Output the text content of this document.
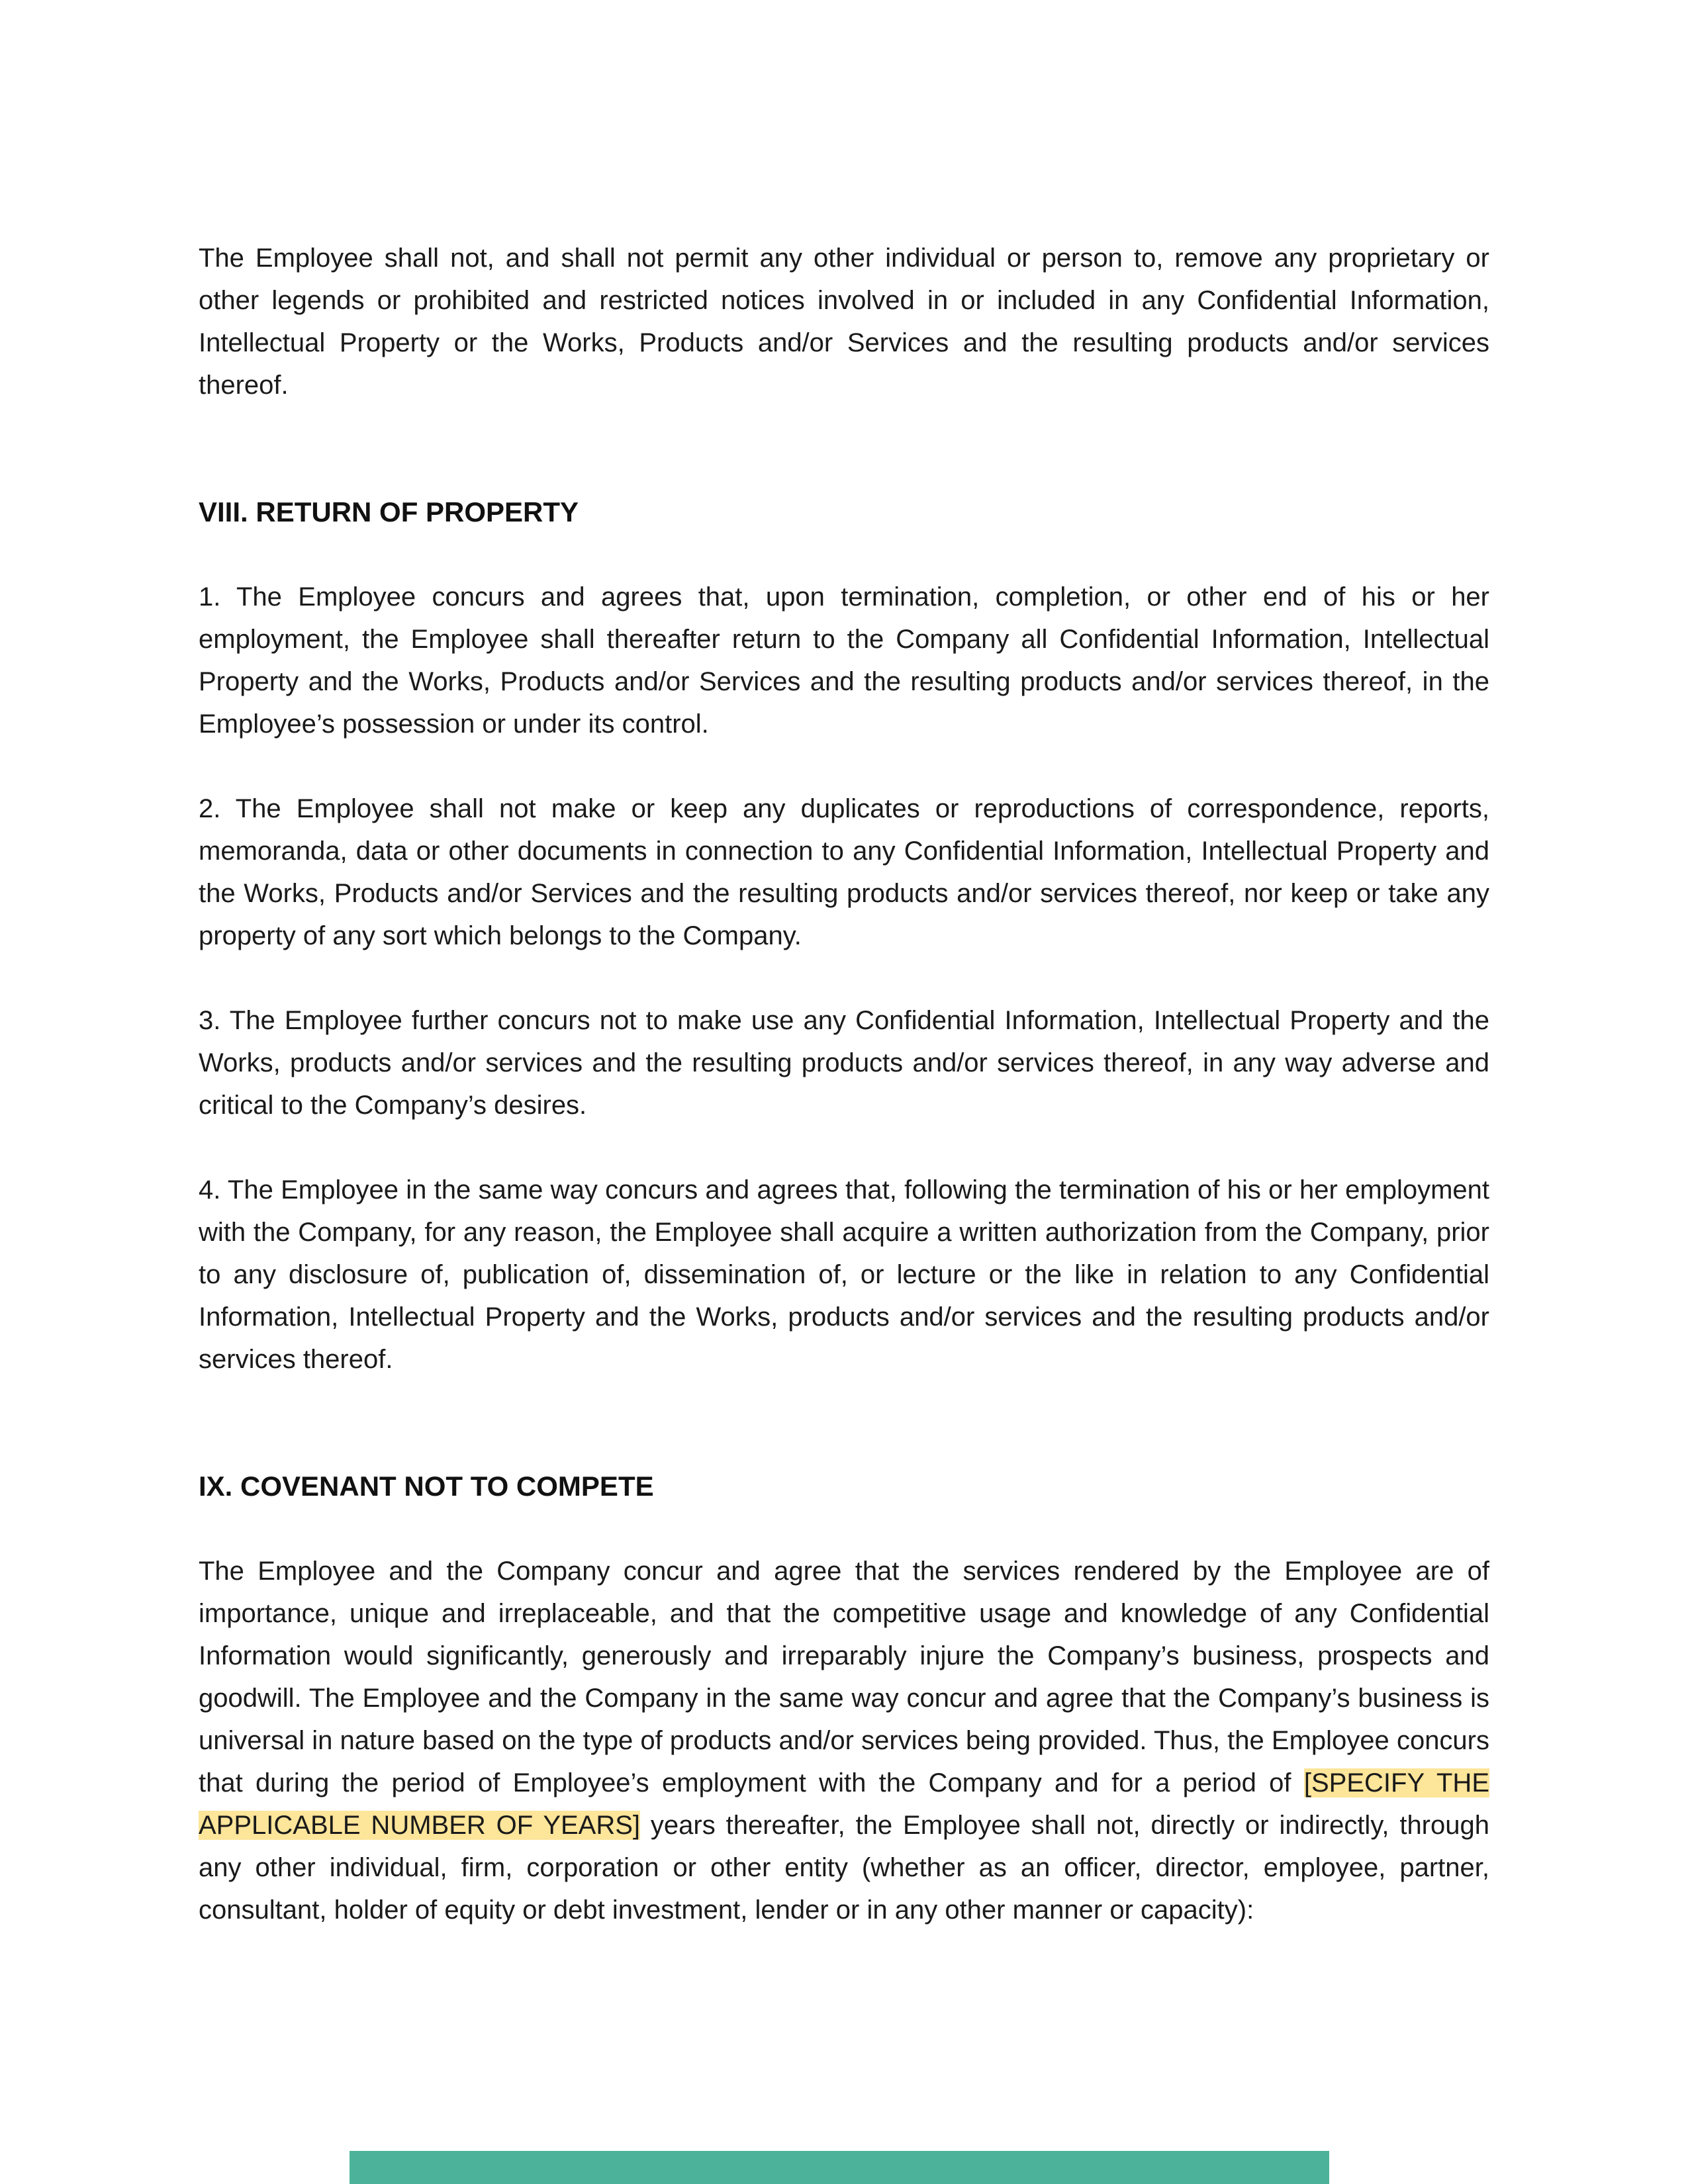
The Employee shall not, and shall not permit any other individual or person to, remove any proprietary or other legends or prohibited and restricted notices involved in or included in any Confidential Information, Intellectual Property or the Works, Products and/or Services and the resulting products and/or services thereof.

VIII. RETURN OF PROPERTY

1. The Employee concurs and agrees that, upon termination, completion, or other end of his or her employment, the Employee shall thereafter return to the Company all Confidential Information, Intellectual Property and the Works, Products and/or Services and the resulting products and/or services thereof, in the Employee’s possession or under its control.

2. The Employee shall not make or keep any duplicates or reproductions of correspondence, reports, memoranda, data or other documents in connection to any Confidential Information, Intellectual Property and the Works, Products and/or Services and the resulting products and/or services thereof, nor keep or take any property of any sort which belongs to the Company.

3. The Employee further concurs not to make use any Confidential Information, Intellectual Property and the Works, products and/or services and the resulting products and/or services thereof, in any way adverse and critical to the Company’s desires.

4. The Employee in the same way concurs and agrees that, following the termination of his or her employment with the Company, for any reason, the Employee shall acquire a written authorization from the Company, prior to any disclosure of, publication of, dissemination of, or lecture or the like in relation to any Confidential Information, Intellectual Property and the Works, products and/or services and the resulting products and/or services thereof.

IX. COVENANT NOT TO COMPETE

The Employee and the Company concur and agree that the services rendered by the Employee are of importance, unique and irreplaceable, and that the competitive usage and knowledge of any Confidential Information would significantly, generously and irreparably injure the Company’s business, prospects and goodwill. The Employee and the Company in the same way concur and agree that the Company’s business is universal in nature based on the type of products and/or services being provided. Thus, the Employee concurs that during the period of Employee’s employment with the Company and for a period of [SPECIFY THE APPLICABLE NUMBER OF YEARS] years thereafter, the Employee shall not, directly or indirectly, through any other individual, firm, corporation or other entity (whether as an officer, director, employee, partner, consultant, holder of equity or debt investment, lender or in any other manner or capacity):
